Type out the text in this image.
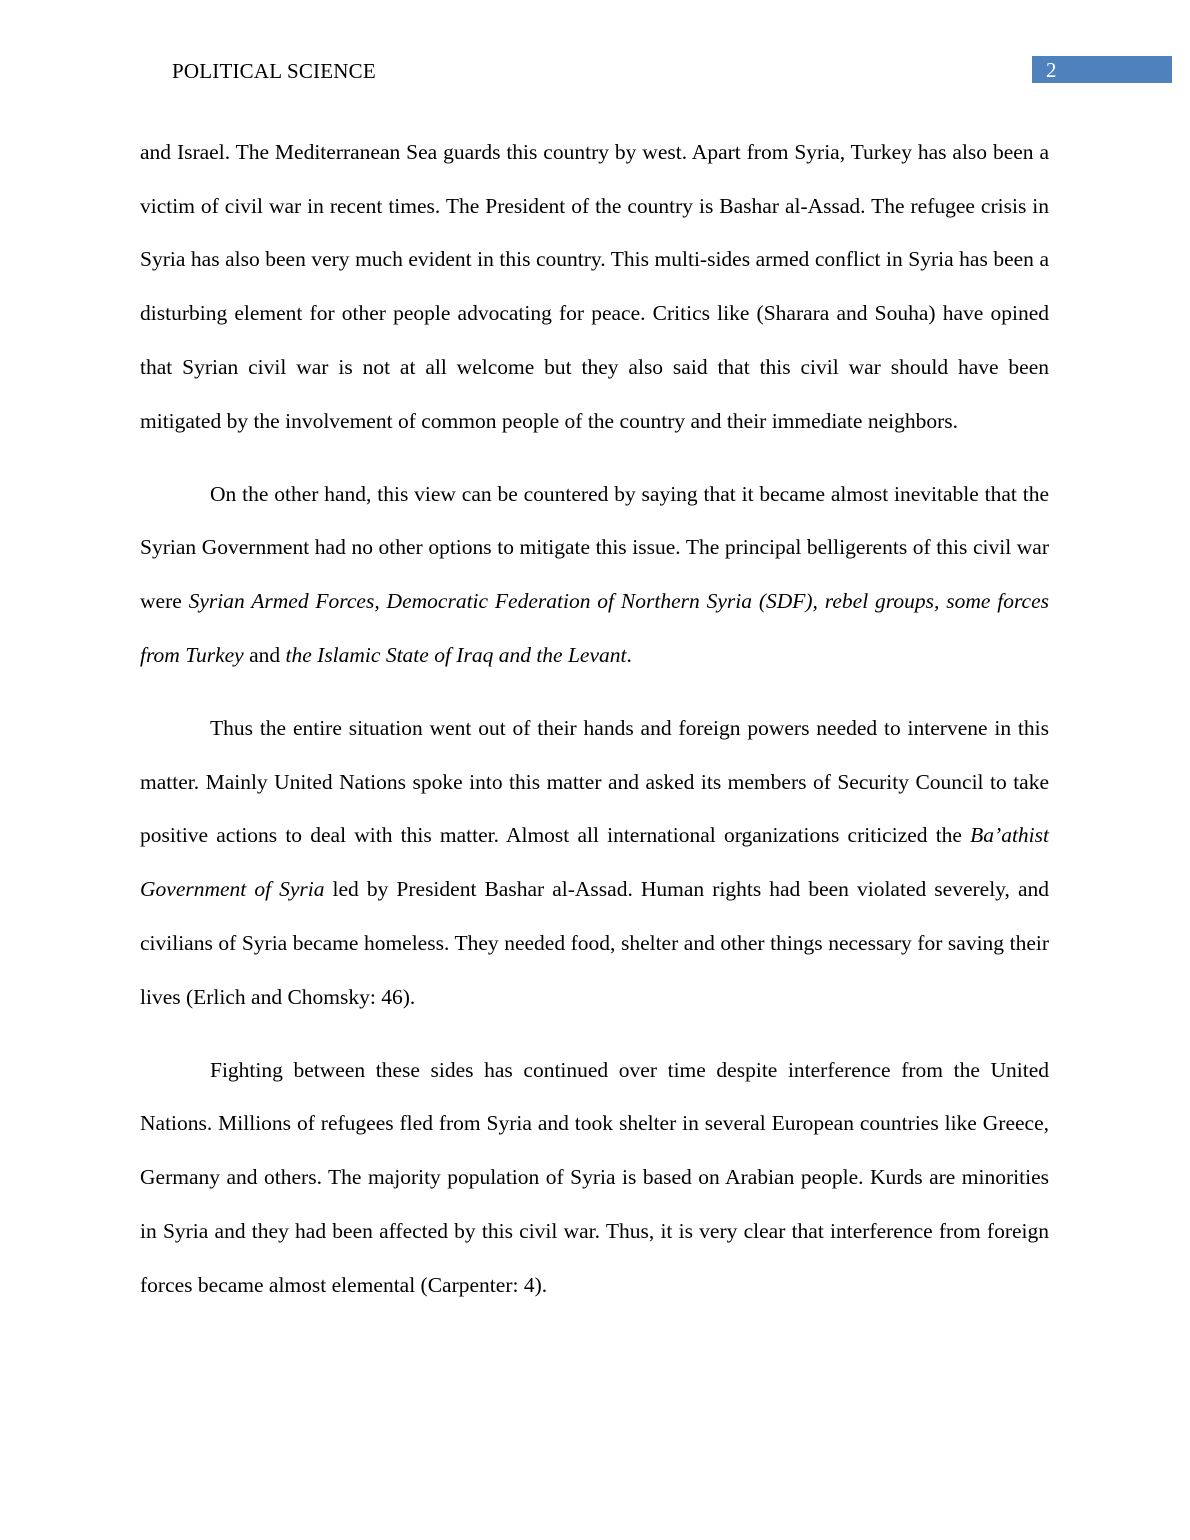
POLITICAL SCIENCE	2

and Israel. The Mediterranean Sea guards this country by west. Apart from Syria, Turkey has also been a victim of civil war in recent times. The President of the country is Bashar al-Assad. The refugee crisis in Syria has also been very much evident in this country. This multi-sides armed conflict in Syria has been a disturbing element for other people advocating for peace. Critics like (Sharara and Souha) have opined that Syrian civil war is not at all welcome but they also said that this civil war should have been mitigated by the involvement of common people of the country and their immediate neighbors.

On the other hand, this view can be countered by saying that it became almost inevitable that the Syrian Government had no other options to mitigate this issue. The principal belligerents of this civil war were Syrian Armed Forces, Democratic Federation of Northern Syria (SDF), rebel groups, some forces from Turkey and the Islamic State of Iraq and the Levant.

Thus the entire situation went out of their hands and foreign powers needed to intervene in this matter. Mainly United Nations spoke into this matter and asked its members of Security Council to take positive actions to deal with this matter. Almost all international organizations criticized the Ba’athist Government of Syria led by President Bashar al-Assad. Human rights had been violated severely, and civilians of Syria became homeless. They needed food, shelter and other things necessary for saving their lives (Erlich and Chomsky: 46).

Fighting between these sides has continued over time despite interference from the United Nations. Millions of refugees fled from Syria and took shelter in several European countries like Greece, Germany and others. The majority population of Syria is based on Arabian people. Kurds are minorities in Syria and they had been affected by this civil war. Thus, it is very clear that interference from foreign forces became almost elemental (Carpenter: 4).
